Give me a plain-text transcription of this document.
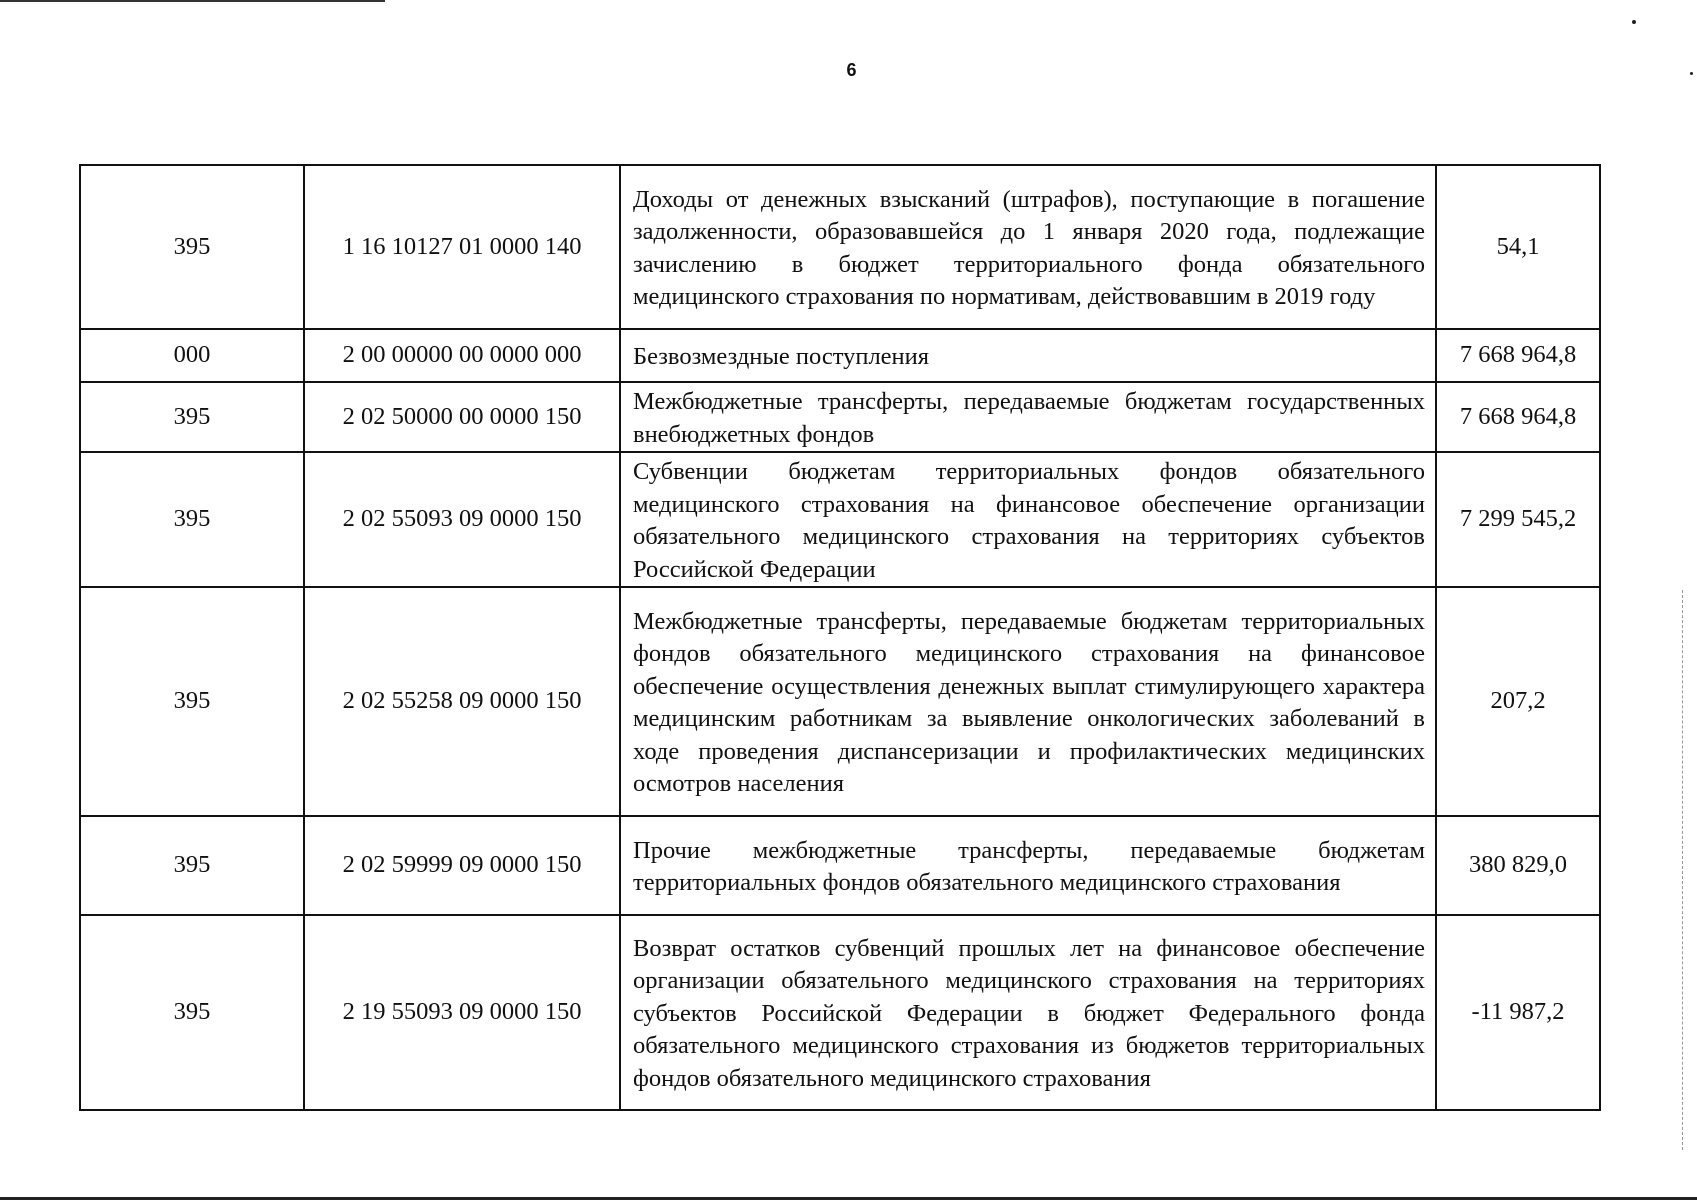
6
395	1 16 10127 01 0000 140	Доходы от денежных взысканий (штрафов), поступающие в погашение задолженности, образовавшейся до 1 января 2020 года, подлежащие зачислению в бюджет территориального фонда обязательного медицинского страхования по нормативам, действовавшим в 2019 году	54,1
000	2 00 00000 00 0000 000	Безвозмездные поступления	7 668 964,8
395	2 02 50000 00 0000 150	Межбюджетные трансферты, передаваемые бюджетам государственных внебюджетных фондов	7 668 964,8
395	2 02 55093 09 0000 150	Субвенции бюджетам территориальных фондов обязательного медицинского страхования на финансовое обеспечение организации обязательного медицинского страхования на территориях субъектов Российской Федерации	7 299 545,2
395	2 02 55258 09 0000 150	Межбюджетные трансферты, передаваемые бюджетам территориальных фондов обязательного медицинского страхования на финансовое обеспечение осуществления денежных выплат стимулирующего характера медицинским работникам за выявление онкологических заболеваний в ходе проведения диспансеризации и профилактических медицинских осмотров населения	207,2
395	2 02 59999 09 0000 150	Прочие межбюджетные трансферты, передаваемые бюджетам территориальных фондов обязательного медицинского страхования	380 829,0
395	2 19 55093 09 0000 150	Возврат остатков субвенций прошлых лет на финансовое обеспечение организации обязательного медицинского страхования на территориях субъектов Российской Федерации в бюджет Федерального фонда обязательного медицинского страхования из бюджетов территориальных фондов обязательного медицинского страхования	-11 987,2
